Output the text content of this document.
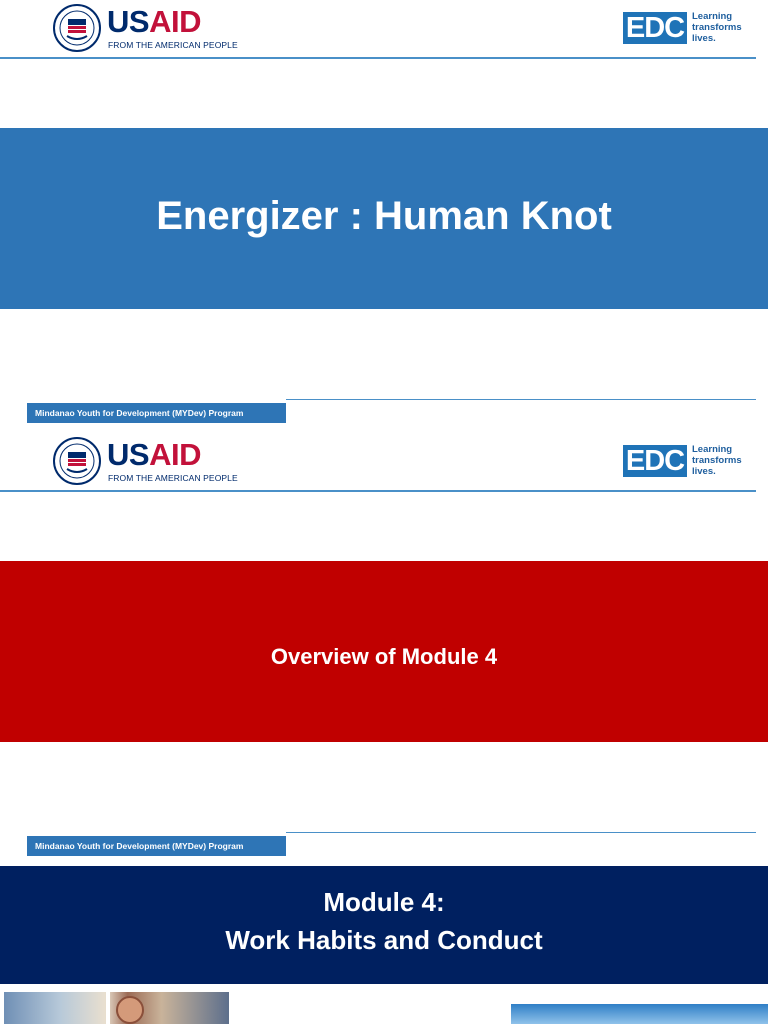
USAID
FROM THE AMERICAN PEOPLE
EDC Learning
transforms
lives.
Energizer : Human Knot
Mindanao Youth for Development (MYDev) Program
USAID
FROM THE AMERICAN PEOPLE
EDC Learning
transforms
lives.
Overview of Module 4
Mindanao Youth for Development (MYDev) Program
Module 4:
Work Habits and Conduct
